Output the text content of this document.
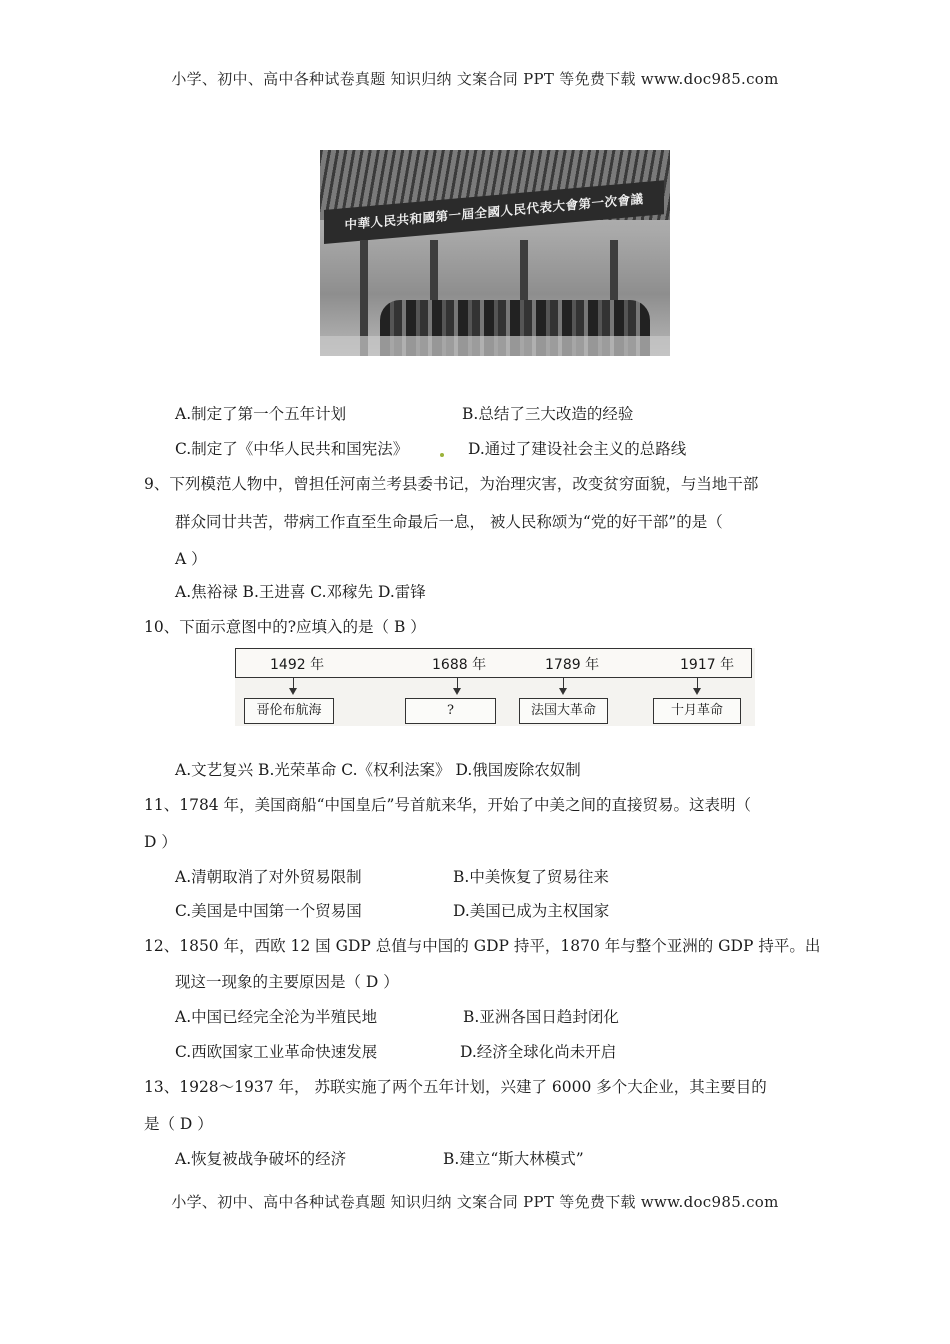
小学、初中、高中各种试卷真题 知识归纳 文案合同 PPT 等免费下载 www.doc985.com
中華人民共和國第一屆全國人民代表大會第一次會議
A.制定了第一个五年计划	B.总结了三大改造的经验
C.制定了《中华人民共和国宪法》	D.通过了建设社会主义的总路线
9、下列模范人物中，曾担任河南兰考县委书记，为治理灾害，改变贫穷面貌，与当地干部
群众同廿共苦，带病工作直至生命最后一息， 被人民称颂为“党的好干部”的是（
A ）
A.焦裕禄 B.王进喜 C.邓稼先 D.雷锋
10、下面示意图中的?应填入的是（ B ）
1492 年	1688 年	1789 年	1917 年
哥伦布航海	?	法国大革命	十月革命
A.文艺复兴 B.光荣革命 C.《权利法案》 D.俄国废除农奴制
11、1784 年，美国商船“中国皇后”号首航来华，开始了中美之间的直接贸易。这表明（
D ）
A.清朝取消了对外贸易限制	B.中美恢复了贸易往来
C.美国是中国第一个贸易国	D.美国已成为主权国家
12、1850 年，西欧 12 国 GDP 总值与中国的 GDP 持平，1870 年与整个亚洲的 GDP 持平。出
现这一现象的主要原因是（ D ）
A.中国已经完全沦为半殖民地	B.亚洲各国日趋封闭化
C.西欧国家工业革命快速发展	D.经济全球化尚未开启
13、1928～1937 年， 苏联实施了两个五年计划，兴建了 6000 多个大企业，其主要目的
是（ D ）
A.恢复被战争破坏的经济	B.建立“斯大林模式”
小学、初中、高中各种试卷真题 知识归纳 文案合同 PPT 等免费下载 www.doc985.com
